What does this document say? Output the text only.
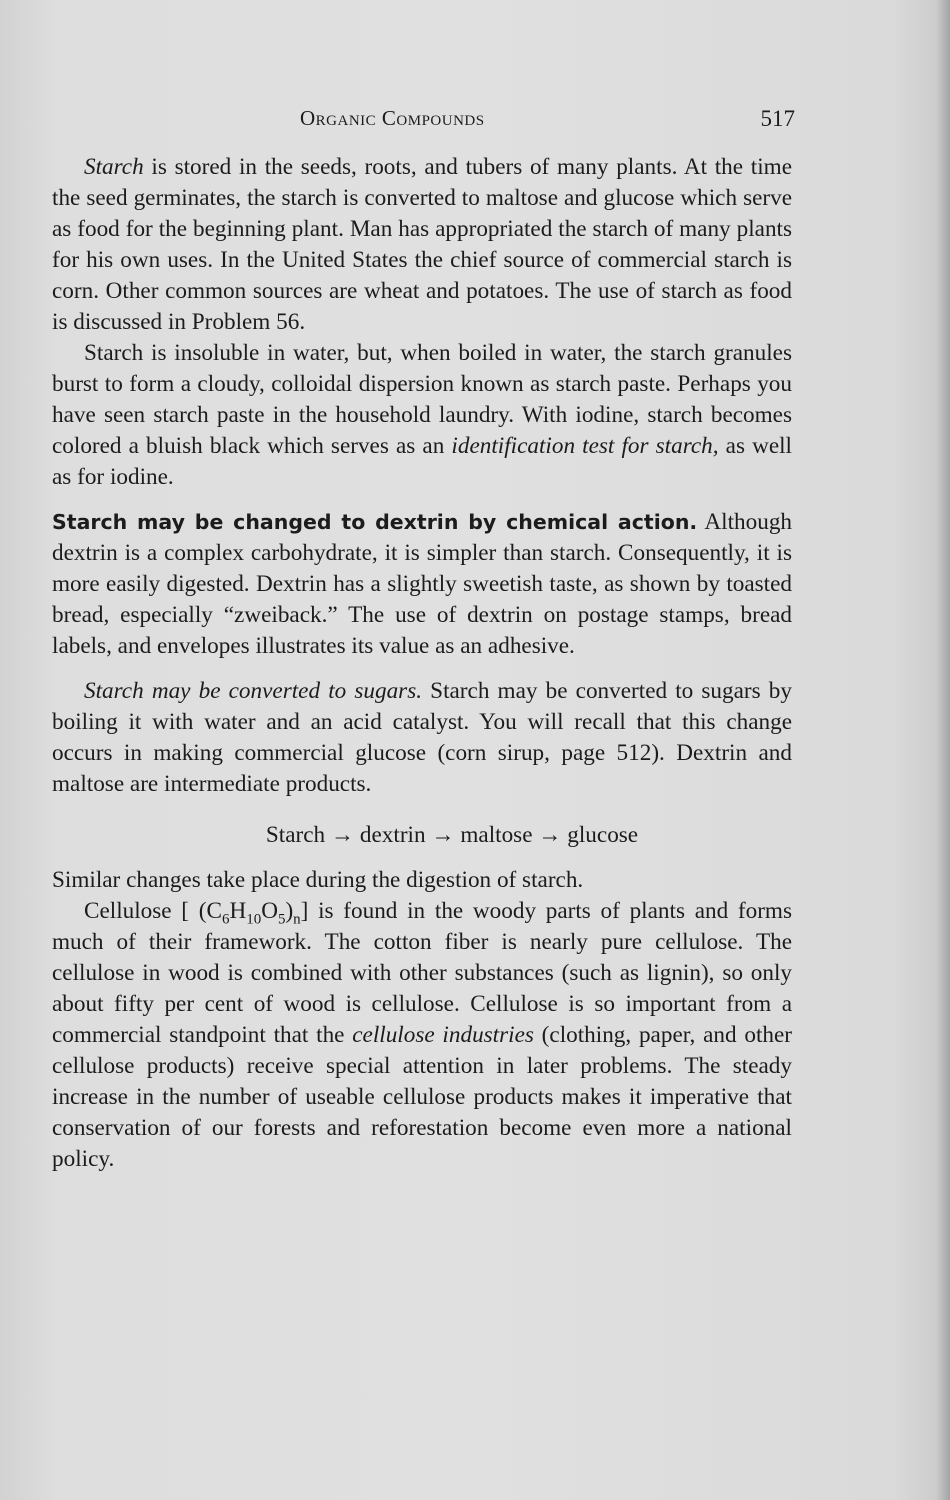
Organic Compounds	517

Starch is stored in the seeds, roots, and tubers of many plants. At the time the seed germinates, the starch is converted to maltose and glucose which serve as food for the beginning plant. Man has appropriated the starch of many plants for his own uses. In the United States the chief source of commercial starch is corn. Other common sources are wheat and potatoes. The use of starch as food is discussed in Problem 56.

Starch is insoluble in water, but, when boiled in water, the starch granules burst to form a cloudy, colloidal dispersion known as starch paste. Perhaps you have seen starch paste in the household laundry. With iodine, starch becomes colored a bluish black which serves as an identification test for starch, as well as for iodine.

Starch may be changed to dextrin by chemical action. Although dextrin is a complex carbohydrate, it is simpler than starch. Consequently, it is more easily digested. Dextrin has a slightly sweetish taste, as shown by toasted bread, especially “zweiback.” The use of dextrin on postage stamps, bread labels, and envelopes illustrates its value as an adhesive.

Starch may be converted to sugars. Starch may be converted to sugars by boiling it with water and an acid catalyst. You will recall that this change occurs in making commercial glucose (corn sirup, page 512). Dextrin and maltose are intermediate products.

Starch → dextrin → maltose → glucose

Similar changes take place during the digestion of starch.

Cellulose [ $(C_6H_{10}O_5)_n$] is found in the woody parts of plants and forms much of their framework. The cotton fiber is nearly pure cellulose. The cellulose in wood is combined with other substances (such as lignin), so only about fifty per cent of wood is cellulose. Cellulose is so important from a commercial standpoint that the cellulose industries (clothing, paper, and other cellulose products) receive special attention in later problems. The steady increase in the number of useable cellulose products makes it imperative that conservation of our forests and reforestation become even more a national policy.
